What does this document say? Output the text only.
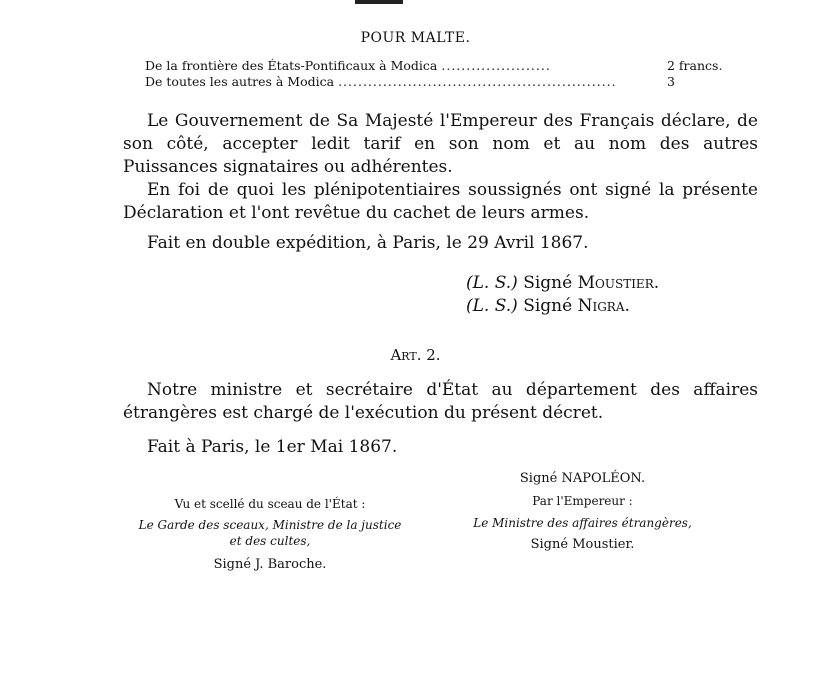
POUR MALTE.
De la frontière des États-Pontificaux à Modica ......................	2 francs.
De toutes les autres à Modica ........................................................	3

Le Gouvernement de Sa Majesté l'Empereur des Français déclare, de son côté, accepter ledit tarif en son nom et au nom des autres Puissances signataires ou adhérentes.

En foi de quoi les plénipotentiaires soussignés ont signé la présente Déclaration et l'ont revêtue du cachet de leurs armes.

Fait en double expédition, à Paris, le 29 Avril 1867.

(L. S.) Signé Moustier.
(L. S.) Signé Nigra.
Art. 2.

Notre ministre et secrétaire d'État au département des affaires étrangères est chargé de l'exécution du présent décret.

Fait à Paris, le 1er Mai 1867.

Signé NAPOLÉON.
Par l'Empereur :
Le Ministre des affaires étrangères,
Signé Moustier.
Vu et scellé du sceau de l'État :
Le Garde des sceaux, Ministre de la justice
et des cultes,
Signé J. Baroche.
